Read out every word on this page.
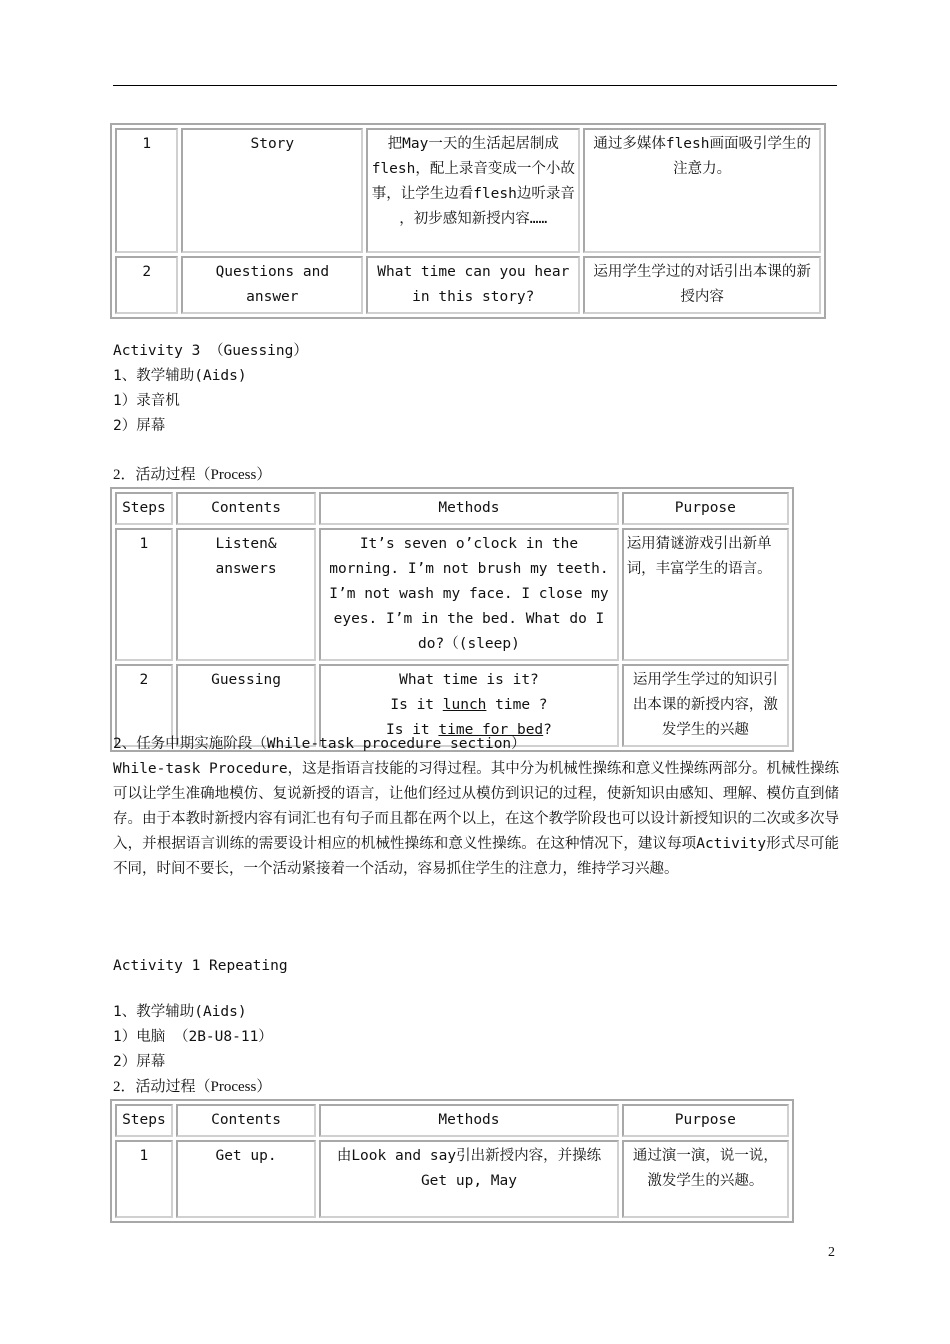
1	Story	把May一天的生活起居制成flesh，配上录音变成一个小故事，让学生边看flesh边听录音 ，初步感知新授内容……	通过多媒体flesh画面吸引学生的注意力。
2	Questions and answer	What time can you hear in this story?	运用学生学过的对话引出本课的新授内容
Activity 3 （Guessing）
1、教学辅助(Aids)
1）录音机
2）屏幕
2．活动过程（Process）
Steps	Contents	Methods	Purpose
1	Listen& answers	It’s seven o’clock in the morning. I’m not brush my teeth. I’m not wash my face. I close my eyes. I’m in the bed. What do I do?（(sleep)	运用猜谜游戏引出新单词，丰富学生的语言。
2	Guessing	What time is it?
Is it lunch time ?
Is it time for bed?	运用学生学过的知识引出本课的新授内容，激发学生的兴趣
2、任务中期实施阶段（While-task procedure section）
While-task Procedure，这是指语言技能的习得过程。其中分为机械性操练和意义性操练两部分。机械性操练可以让学生准确地模仿、复说新授的语言，让他们经过从模仿到识记的过程，使新知识由感知、理解、模仿直到储存。由于本教时新授内容有词汇也有句子而且都在两个以上，在这个教学阶段也可以设计新授知识的二次或多次导入，并根据语言训练的需要设计相应的机械性操练和意义性操练。在这种情况下，建议每项Activity形式尽可能不同，时间不要长，一个活动紧接着一个活动，容易抓住学生的注意力，维持学习兴趣。
Activity 1 Repeating
1、教学辅助(Aids)
1）电脑 （2B-U8-11）
2）屏幕
2．活动过程（Process）
Steps	Contents	Methods	Purpose
1	Get up.	由Look and say引出新授内容，并操练Get up, May	通过演一演，说一说，激发学生的兴趣。
2
